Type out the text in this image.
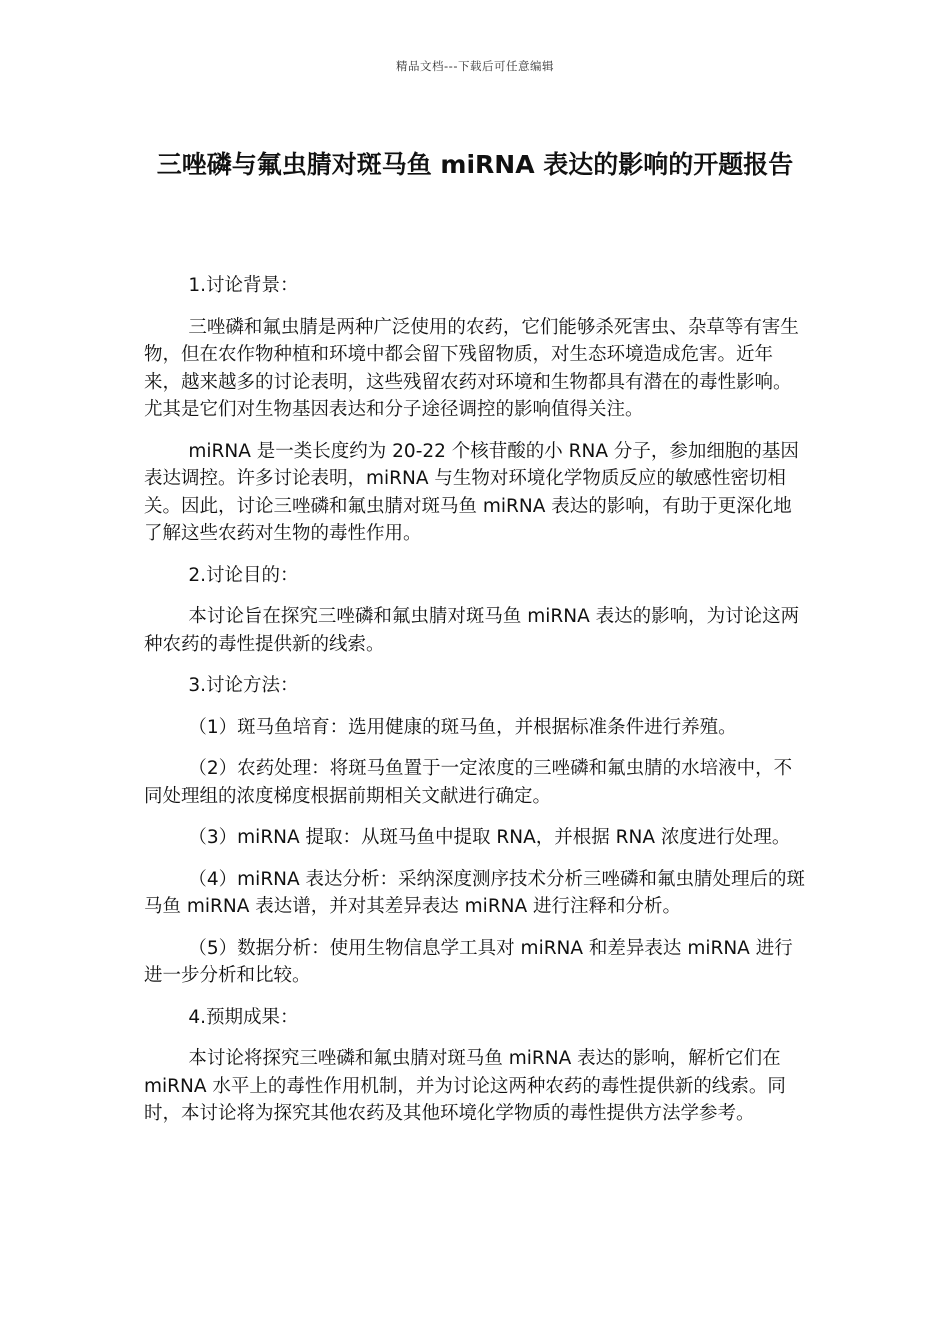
精品文档---下载后可任意编辑
三唑磷与氟虫腈对斑马鱼 miRNA 表达的影响的开题报告

1.讨论背景：

三唑磷和氟虫腈是两种广泛使用的农药，它们能够杀死害虫、杂草等有害生物，但在农作物种植和环境中都会留下残留物质，对生态环境造成危害。近年来，越来越多的讨论表明，这些残留农药对环境和生物都具有潜在的毒性影响。尤其是它们对生物基因表达和分子途径调控的影响值得关注。

miRNA 是一类长度约为 20-22 个核苷酸的小 RNA 分子，参加细胞的基因表达调控。许多讨论表明，miRNA 与生物对环境化学物质反应的敏感性密切相关。因此，讨论三唑磷和氟虫腈对斑马鱼 miRNA 表达的影响，有助于更深化地了解这些农药对生物的毒性作用。

2.讨论目的：

本讨论旨在探究三唑磷和氟虫腈对斑马鱼 miRNA 表达的影响，为讨论这两种农药的毒性提供新的线索。

3.讨论方法：

（1）斑马鱼培育：选用健康的斑马鱼，并根据标准条件进行养殖。

（2）农药处理：将斑马鱼置于一定浓度的三唑磷和氟虫腈的水培液中，不同处理组的浓度梯度根据前期相关文献进行确定。

（3）miRNA 提取：从斑马鱼中提取 RNA，并根据 RNA 浓度进行处理。

（4）miRNA 表达分析：采纳深度测序技术分析三唑磷和氟虫腈处理后的斑马鱼 miRNA 表达谱，并对其差异表达 miRNA 进行注释和分析。

（5）数据分析：使用生物信息学工具对 miRNA 和差异表达 miRNA 进行进一步分析和比较。

4.预期成果：

本讨论将探究三唑磷和氟虫腈对斑马鱼 miRNA 表达的影响，解析它们在 miRNA 水平上的毒性作用机制，并为讨论这两种农药的毒性提供新的线索。同时，本讨论将为探究其他农药及其他环境化学物质的毒性提供方法学参考。
